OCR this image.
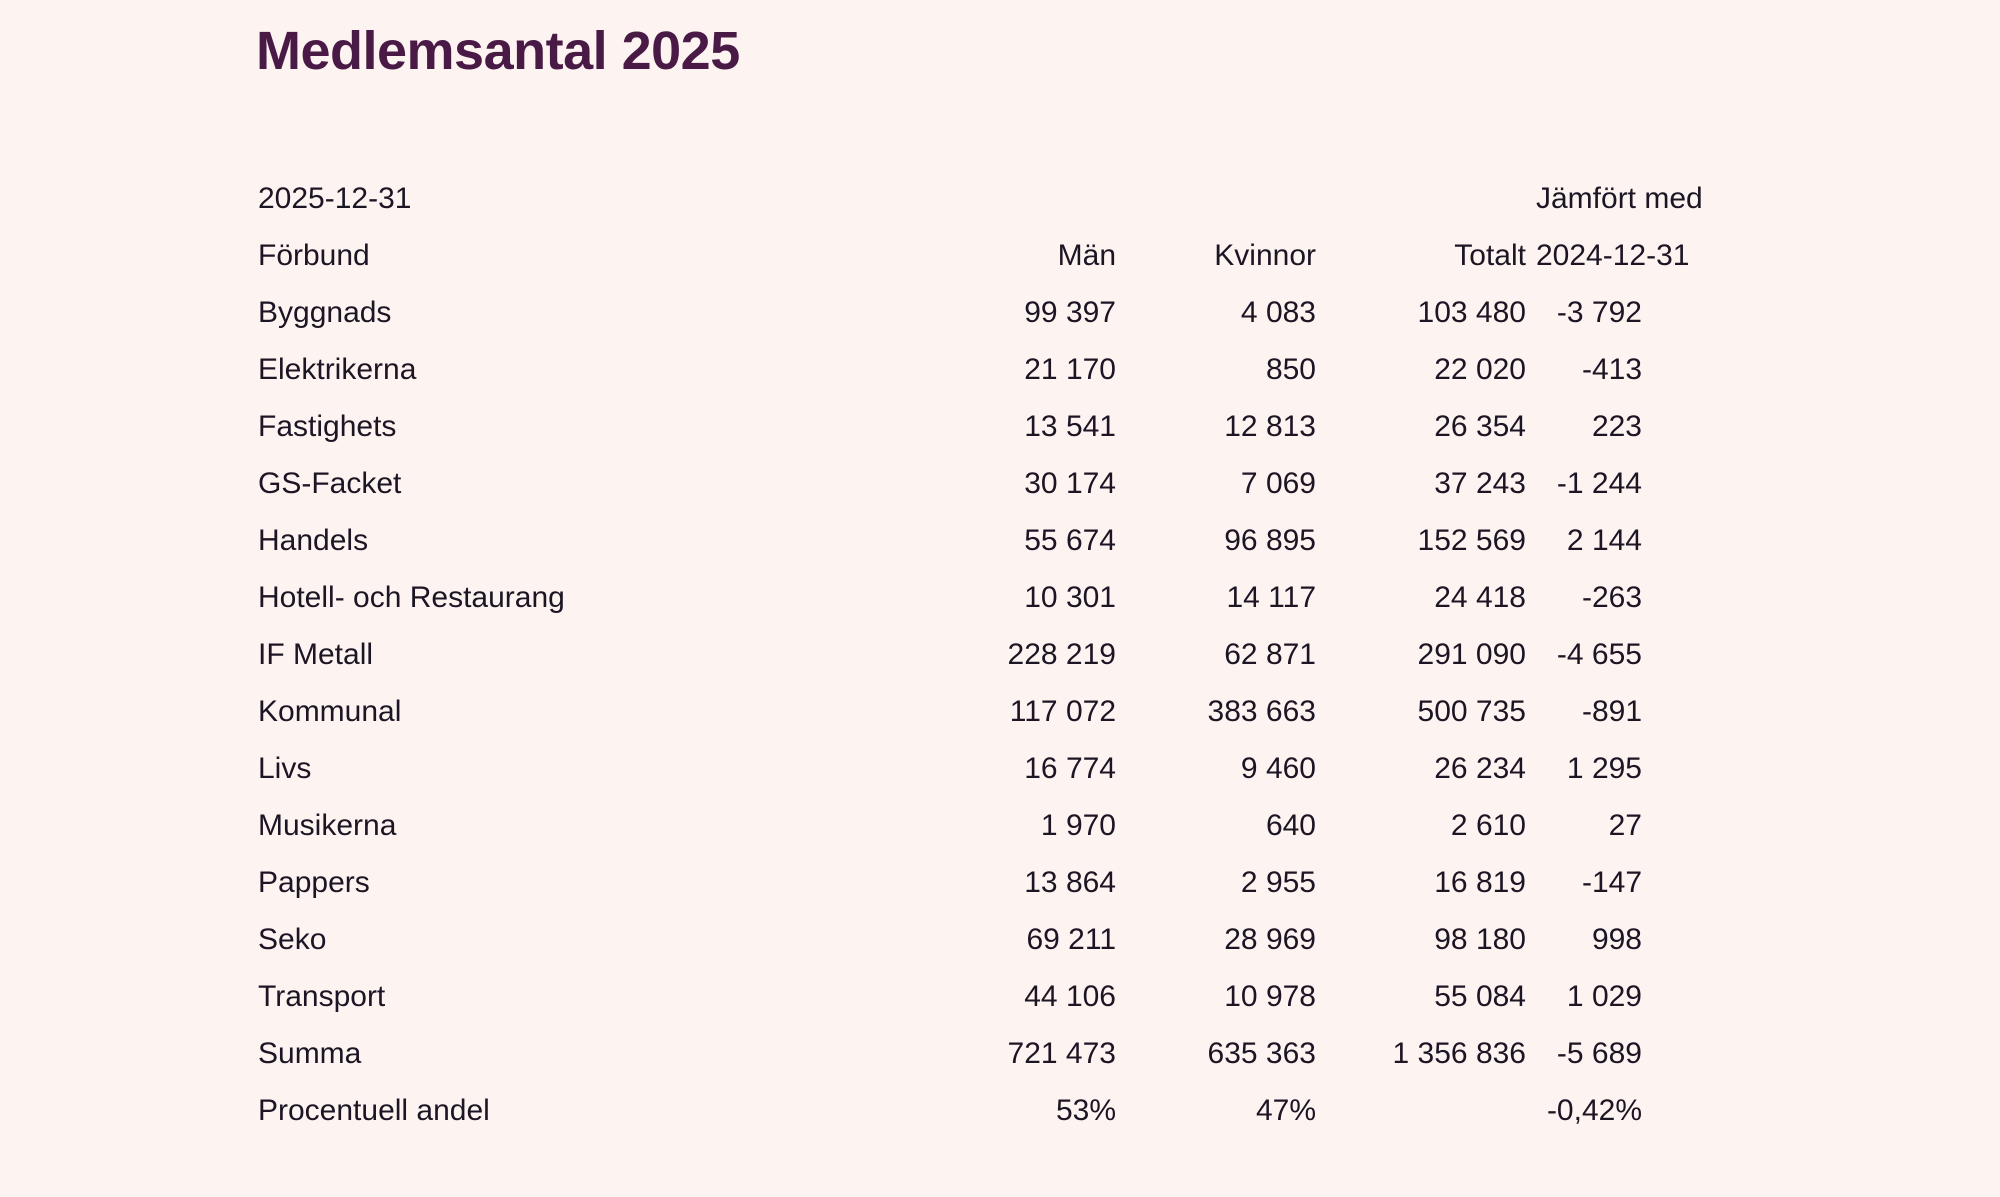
Medlemsantal 2025
2025-12-31				Jämfört med
Förbund	Män	Kvinnor	Totalt	2024-12-31
Byggnads	99 397	4 083	103 480	-3 792
Elektrikerna	21 170	850	22 020	-413
Fastighets	13 541	12 813	26 354	223
GS-Facket	30 174	7 069	37 243	-1 244
Handels	55 674	96 895	152 569	2 144
Hotell- och Restaurang	10 301	14 117	24 418	-263
IF Metall	228 219	62 871	291 090	-4 655
Kommunal	117 072	383 663	500 735	-891
Livs	16 774	9 460	26 234	1 295
Musikerna	1 970	640	2 610	27
Pappers	13 864	2 955	16 819	-147
Seko	69 211	28 969	98 180	998
Transport	44 106	10 978	55 084	1 029
Summa	721 473	635 363	1 356 836	-5 689
Procentuell andel	53%	47%		-0,42%
